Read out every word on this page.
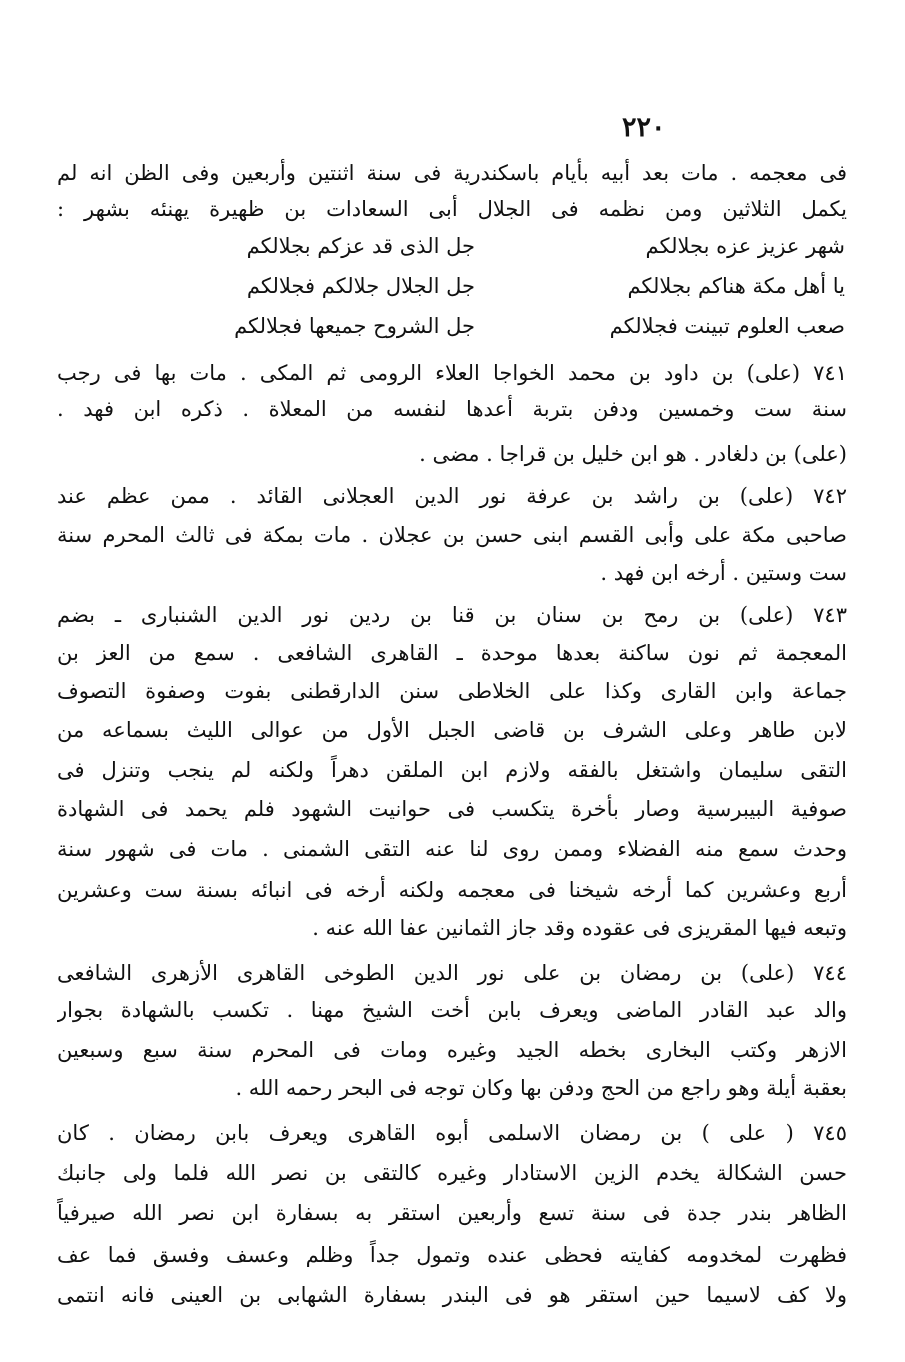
٢٢٠
فى معجمه . مات بعد أبيه بأيام باسكندرية فى سنة اثنتين وأربعين وفى الظن انه لم
يكمل الثلاثين ومن نظمه فى الجلال أبى السعادات بن ظهيرة يهنئه بشهر :
شهر عزيز عزه بجلالكم
جل الذى قد عزكم بجلالكم
يا أهل مكة هناكم بجلالكم
جل الجلال جلالكم فجلالكم
صعب العلوم تبينت فجلالكم
جل الشروح جميعها فجلالكم
٧٤١ (على) بن داود بن محمد الخواجا العلاء الرومى ثم المكى . مات بها فى رجب
سنة ست وخمسين ودفن بتربة أعدها لنفسه من المعلاة . ذكره ابن فهد .
(على) بن دلغادر . هو ابن خليل بن قراجا . مضى .
٧٤٢ (على) بن راشد بن عرفة نور الدين العجلانى القائد . ممن عظم عند
صاحبى مكة على وأبى القسم ابنى حسن بن عجلان . مات بمكة فى ثالث المحرم سنة
ست وستين . أرخه ابن فهد .
٧٤٣ (على) بن رمح بن سنان بن قنا بن ردين نور الدين الشنبارى ـ بضم
المعجمة ثم نون ساكنة بعدها موحدة ـ القاهرى الشافعى . سمع من العز بن
جماعة وابن القارى وكذا على الخلاطى سنن الدارقطنى بفوت وصفوة التصوف
لابن طاهر وعلى الشرف بن قاضى الجبل الأول من عوالى الليث بسماعه من
التقى سليمان واشتغل بالفقه ولازم ابن الملقن دهراً ولكنه لم ينجب وتنزل فى
صوفية البيبرسية وصار بأخرة يتكسب فى حوانيت الشهود فلم يحمد فى الشهادة
وحدث سمع منه الفضلاء وممن روى لنا عنه التقى الشمنى . مات فى شهور سنة
أربع وعشرين كما أرخه شيخنا فى معجمه ولكنه أرخه فى انبائه بسنة ست وعشرين
وتبعه فيها المقريزى فى عقوده وقد جاز الثمانين عفا الله عنه .
٧٤٤ (على) بن رمضان بن على نور الدين الطوخى القاهرى الأزهرى الشافعى
والد عبد القادر الماضى ويعرف بابن أخت الشيخ مهنا . تكسب بالشهادة بجوار
الازهر وكتب البخارى بخطه الجيد وغيره ومات فى المحرم سنة سبع وسبعين
بعقبة أيلة وهو راجع من الحج ودفن بها وكان توجه فى البحر رحمه الله .
٧٤٥ ( على ) بن رمضان الاسلمى أبوه القاهرى ويعرف بابن رمضان . كان
حسن الشكالة يخدم الزين الاستادار وغيره كالتقى بن نصر الله فلما ولى جانبك
الظاهر بندر جدة فى سنة تسع وأربعين استقر به بسفارة ابن نصر الله صيرفياً
فظهرت لمخدومه كفايته فحظى عنده وتمول جداً وظلم وعسف وفسق فما عف
ولا كف لاسيما حين استقر هو فى البندر بسفارة الشهابى بن العينى فانه انتمى
